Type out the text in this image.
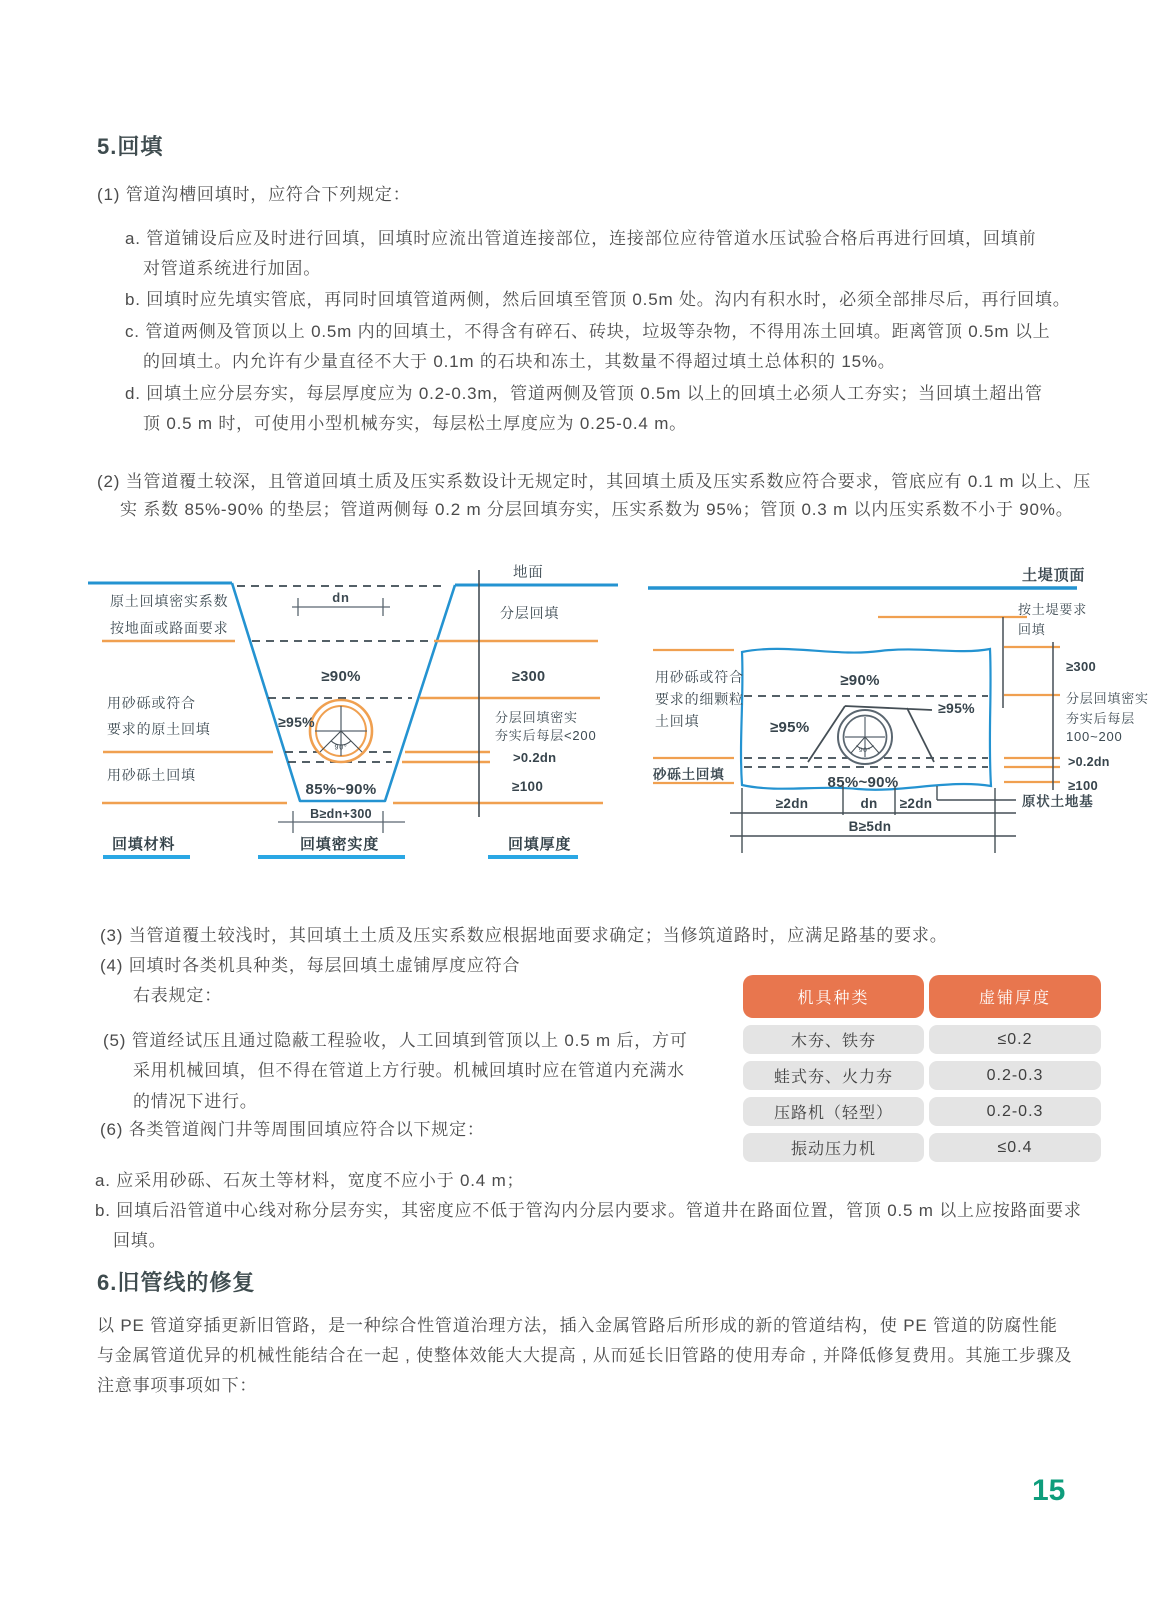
5.回填
(1) 管道沟槽回填时，应符合下列规定：
a. 管道铺设后应及时进行回填，回填时应流出管道连接部位，连接部位应待管道水压试验合格后再进行回填，回填前
对管道系统进行加固。
b. 回填时应先填实管底，再同时回填管道两侧，然后回填至管顶 0.5m 处。沟内有积水时，必须全部排尽后，再行回填。
c. 管道两侧及管顶以上 0.5m 内的回填土，不得含有碎石、砖块，垃圾等杂物，不得用冻土回填。距离管顶 0.5m 以上
的回填土。内允许有少量直径不大于 0.1m 的石块和冻土，其数量不得超过填土总体积的 15%。
d. 回填土应分层夯实，每层厚度应为 0.2-0.3m，管道两侧及管顶 0.5m 以上的回填土必须人工夯实；当回填土超出管
顶 0.5 m 时，可使用小型机械夯实，每层松土厚度应为 0.25-0.4 m。
(2) 当管道覆土较深，且管道回填土质及压实系数设计无规定时，其回填土质及压实系数应符合要求，管底应有 0.1 m 以上、压
实 系数 85%-90% 的垫层；管道两侧每 0.2 m 分层回填夯实，压实系数为 95%；管顶 0.3 m 以内压实系数不小于 90%。
90°
原土回填密实系数
按地面或路面要求
用砂砾或符合
要求的原土回填
用砂砾土回填
dn
≥90%
≥95%
85%~90%
B≥dn+300
地面
分层回填
≥300
分层回填密实
夯实后每层<200
>0.2dn
≥100
回填材料	回填密实度	回填厚度
90°
土堤顶面
按土堤要求
回填
用砂砾或符合
要求的细颗粒
土回填
砂砾土回填
≥90%
≥95%
≥95%
85%~90%
≥2dn	dn ≥2dn
B≥5dn
≥300
分层回填密实
夯实后每层
100~200
>0.2dn
≥100
原状土地基
(3) 当管道覆土较浅时，其回填土土质及压实系数应根据地面要求确定；当修筑道路时，应满足路基的要求。
(4) 回填时各类机具种类，每层回填土虚铺厚度应符合
右表规定：
(5) 管道经试压且通过隐蔽工程验收，人工回填到管顶以上 0.5 m 后，方可
采用机械回填，但不得在管道上方行驶。机械回填时应在管道内充满水
的情况下进行。
(6) 各类管道阀门井等周围回填应符合以下规定：
a. 应采用砂砾、石灰土等材料，宽度不应小于 0.4 m；
b. 回填后沿管道中心线对称分层夯实，其密度应不低于管沟内分层内要求。管道井在路面位置，管顶 0.5 m 以上应按路面要求
回填。
机具种类	虚铺厚度
木夯、铁夯	≤0.2
蛙式夯、火力夯	0.2-0.3
压路机（轻型）	0.2-0.3
振动压力机	≤0.4
6.旧管线的修复
以 PE 管道穿插更新旧管路，是一种综合性管道治理方法，插入金属管路后所形成的新的管道结构，使 PE 管道的防腐性能
与金属管道优异的机械性能结合在一起 , 使整体效能大大提高 , 从而延长旧管路的使用寿命 , 并降低修复费用。其施工步骤及
注意事项事项如下：
15
